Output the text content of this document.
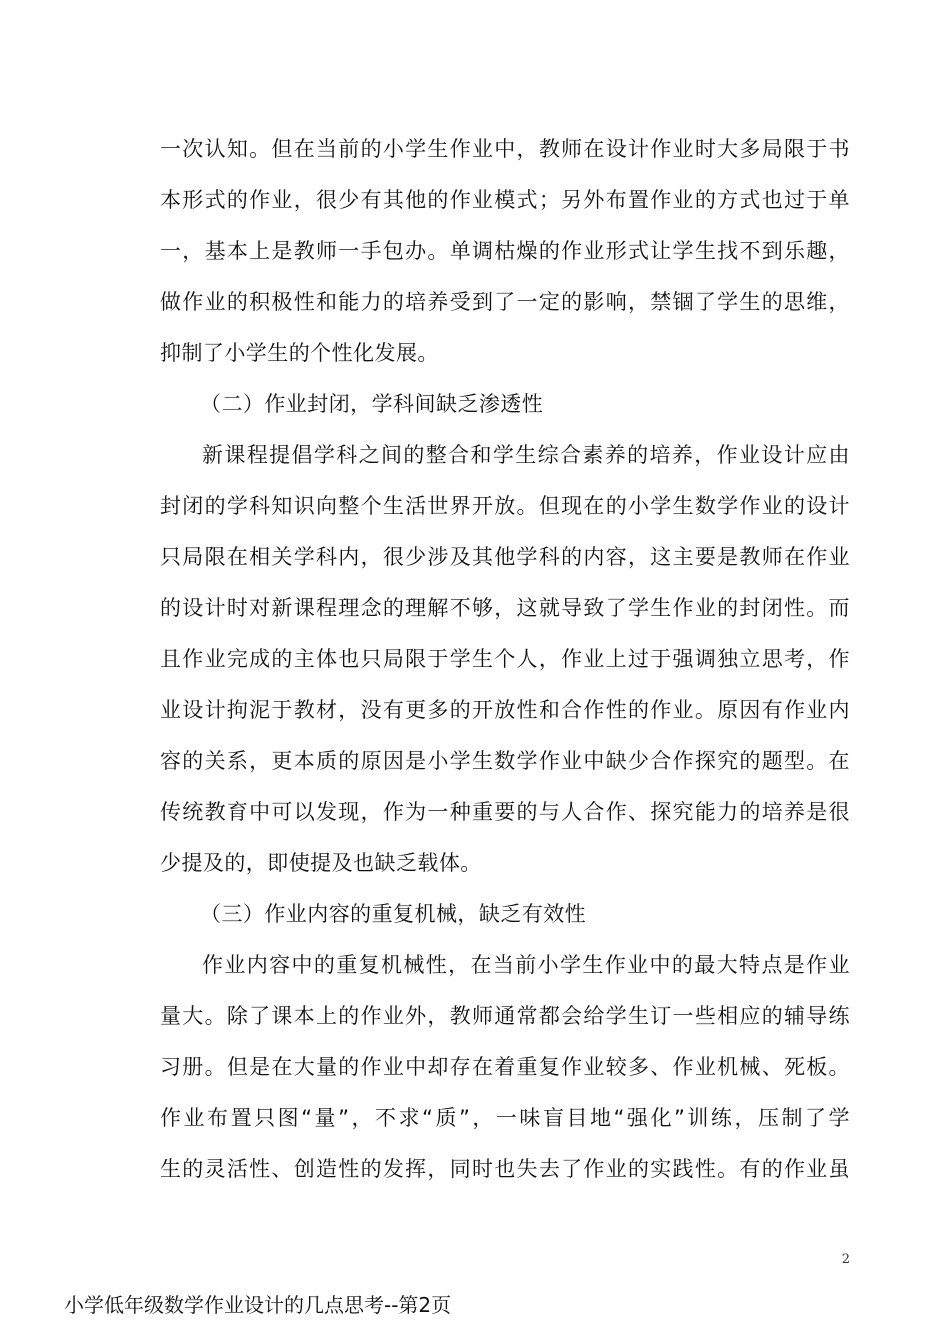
一次认知。但在当前的小学生作业中，教师在设计作业时大多局限于书
本形式的作业，很少有其他的作业模式；另外布置作业的方式也过于单
一，基本上是教师一手包办。单调枯燥的作业形式让学生找不到乐趣，
做作业的积极性和能力的培养受到了一定的影响，禁锢了学生的思维，
抑制了小学生的个性化发展。
（二）作业封闭，学科间缺乏渗透性
新课程提倡学科之间的整合和学生综合素养的培养，作业设计应由
封闭的学科知识向整个生活世界开放。但现在的小学生数学作业的设计
只局限在相关学科内，很少涉及其他学科的内容，这主要是教师在作业
的设计时对新课程理念的理解不够，这就导致了学生作业的封闭性。而
且作业完成的主体也只局限于学生个人，作业上过于强调独立思考，作
业设计拘泥于教材，没有更多的开放性和合作性的作业。原因有作业内
容的关系，更本质的原因是小学生数学作业中缺少合作探究的题型。在
传统教育中可以发现，作为一种重要的与人合作、探究能力的培养是很
少提及的，即使提及也缺乏载体。
（三）作业内容的重复机械，缺乏有效性
作业内容中的重复机械性，在当前小学生作业中的最大特点是作业
量大。除了课本上的作业外，教师通常都会给学生订一些相应的辅导练
习册。但是在大量的作业中却存在着重复作业较多、作业机械、死板。
作业布置只图“量”，不求“质”，一味盲目地“强化”训练，压制了学
生的灵活性、创造性的发挥，同时也失去了作业的实践性。有的作业虽
2
小学低年级数学作业设计的几点思考--第2页
